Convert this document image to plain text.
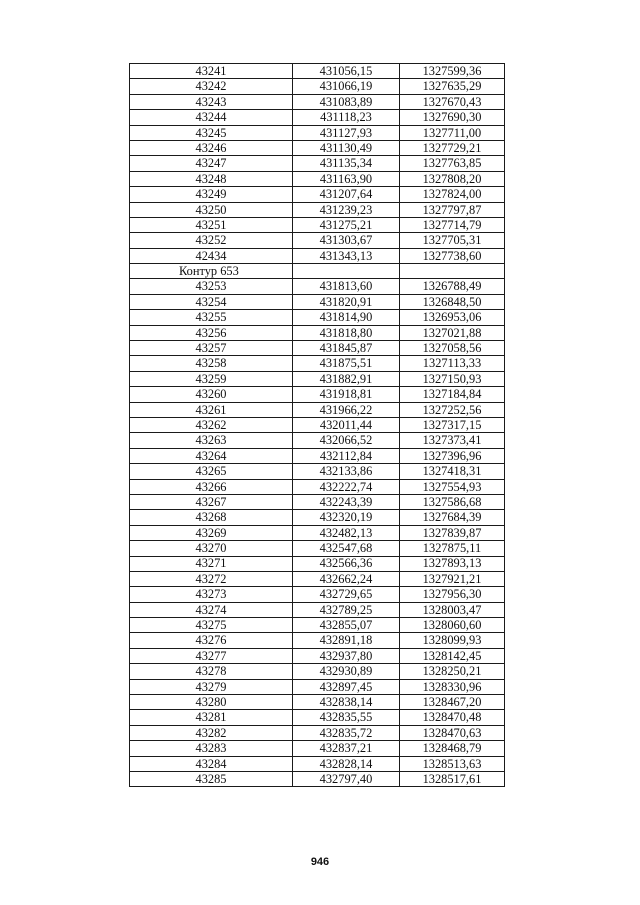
43241	431056,15	1327599,36
43242	431066,19	1327635,29
43243	431083,89	1327670,43
43244	431118,23	1327690,30
43245	431127,93	1327711,00
43246	431130,49	1327729,21
43247	431135,34	1327763,85
43248	431163,90	1327808,20
43249	431207,64	1327824,00
43250	431239,23	1327797,87
43251	431275,21	1327714,79
43252	431303,67	1327705,31
42434	431343,13	1327738,60
Контур 653		
43253	431813,60	1326788,49
43254	431820,91	1326848,50
43255	431814,90	1326953,06
43256	431818,80	1327021,88
43257	431845,87	1327058,56
43258	431875,51	1327113,33
43259	431882,91	1327150,93
43260	431918,81	1327184,84
43261	431966,22	1327252,56
43262	432011,44	1327317,15
43263	432066,52	1327373,41
43264	432112,84	1327396,96
43265	432133,86	1327418,31
43266	432222,74	1327554,93
43267	432243,39	1327586,68
43268	432320,19	1327684,39
43269	432482,13	1327839,87
43270	432547,68	1327875,11
43271	432566,36	1327893,13
43272	432662,24	1327921,21
43273	432729,65	1327956,30
43274	432789,25	1328003,47
43275	432855,07	1328060,60
43276	432891,18	1328099,93
43277	432937,80	1328142,45
43278	432930,89	1328250,21
43279	432897,45	1328330,96
43280	432838,14	1328467,20
43281	432835,55	1328470,48
43282	432835,72	1328470,63
43283	432837,21	1328468,79
43284	432828,14	1328513,63
43285	432797,40	1328517,61
946
